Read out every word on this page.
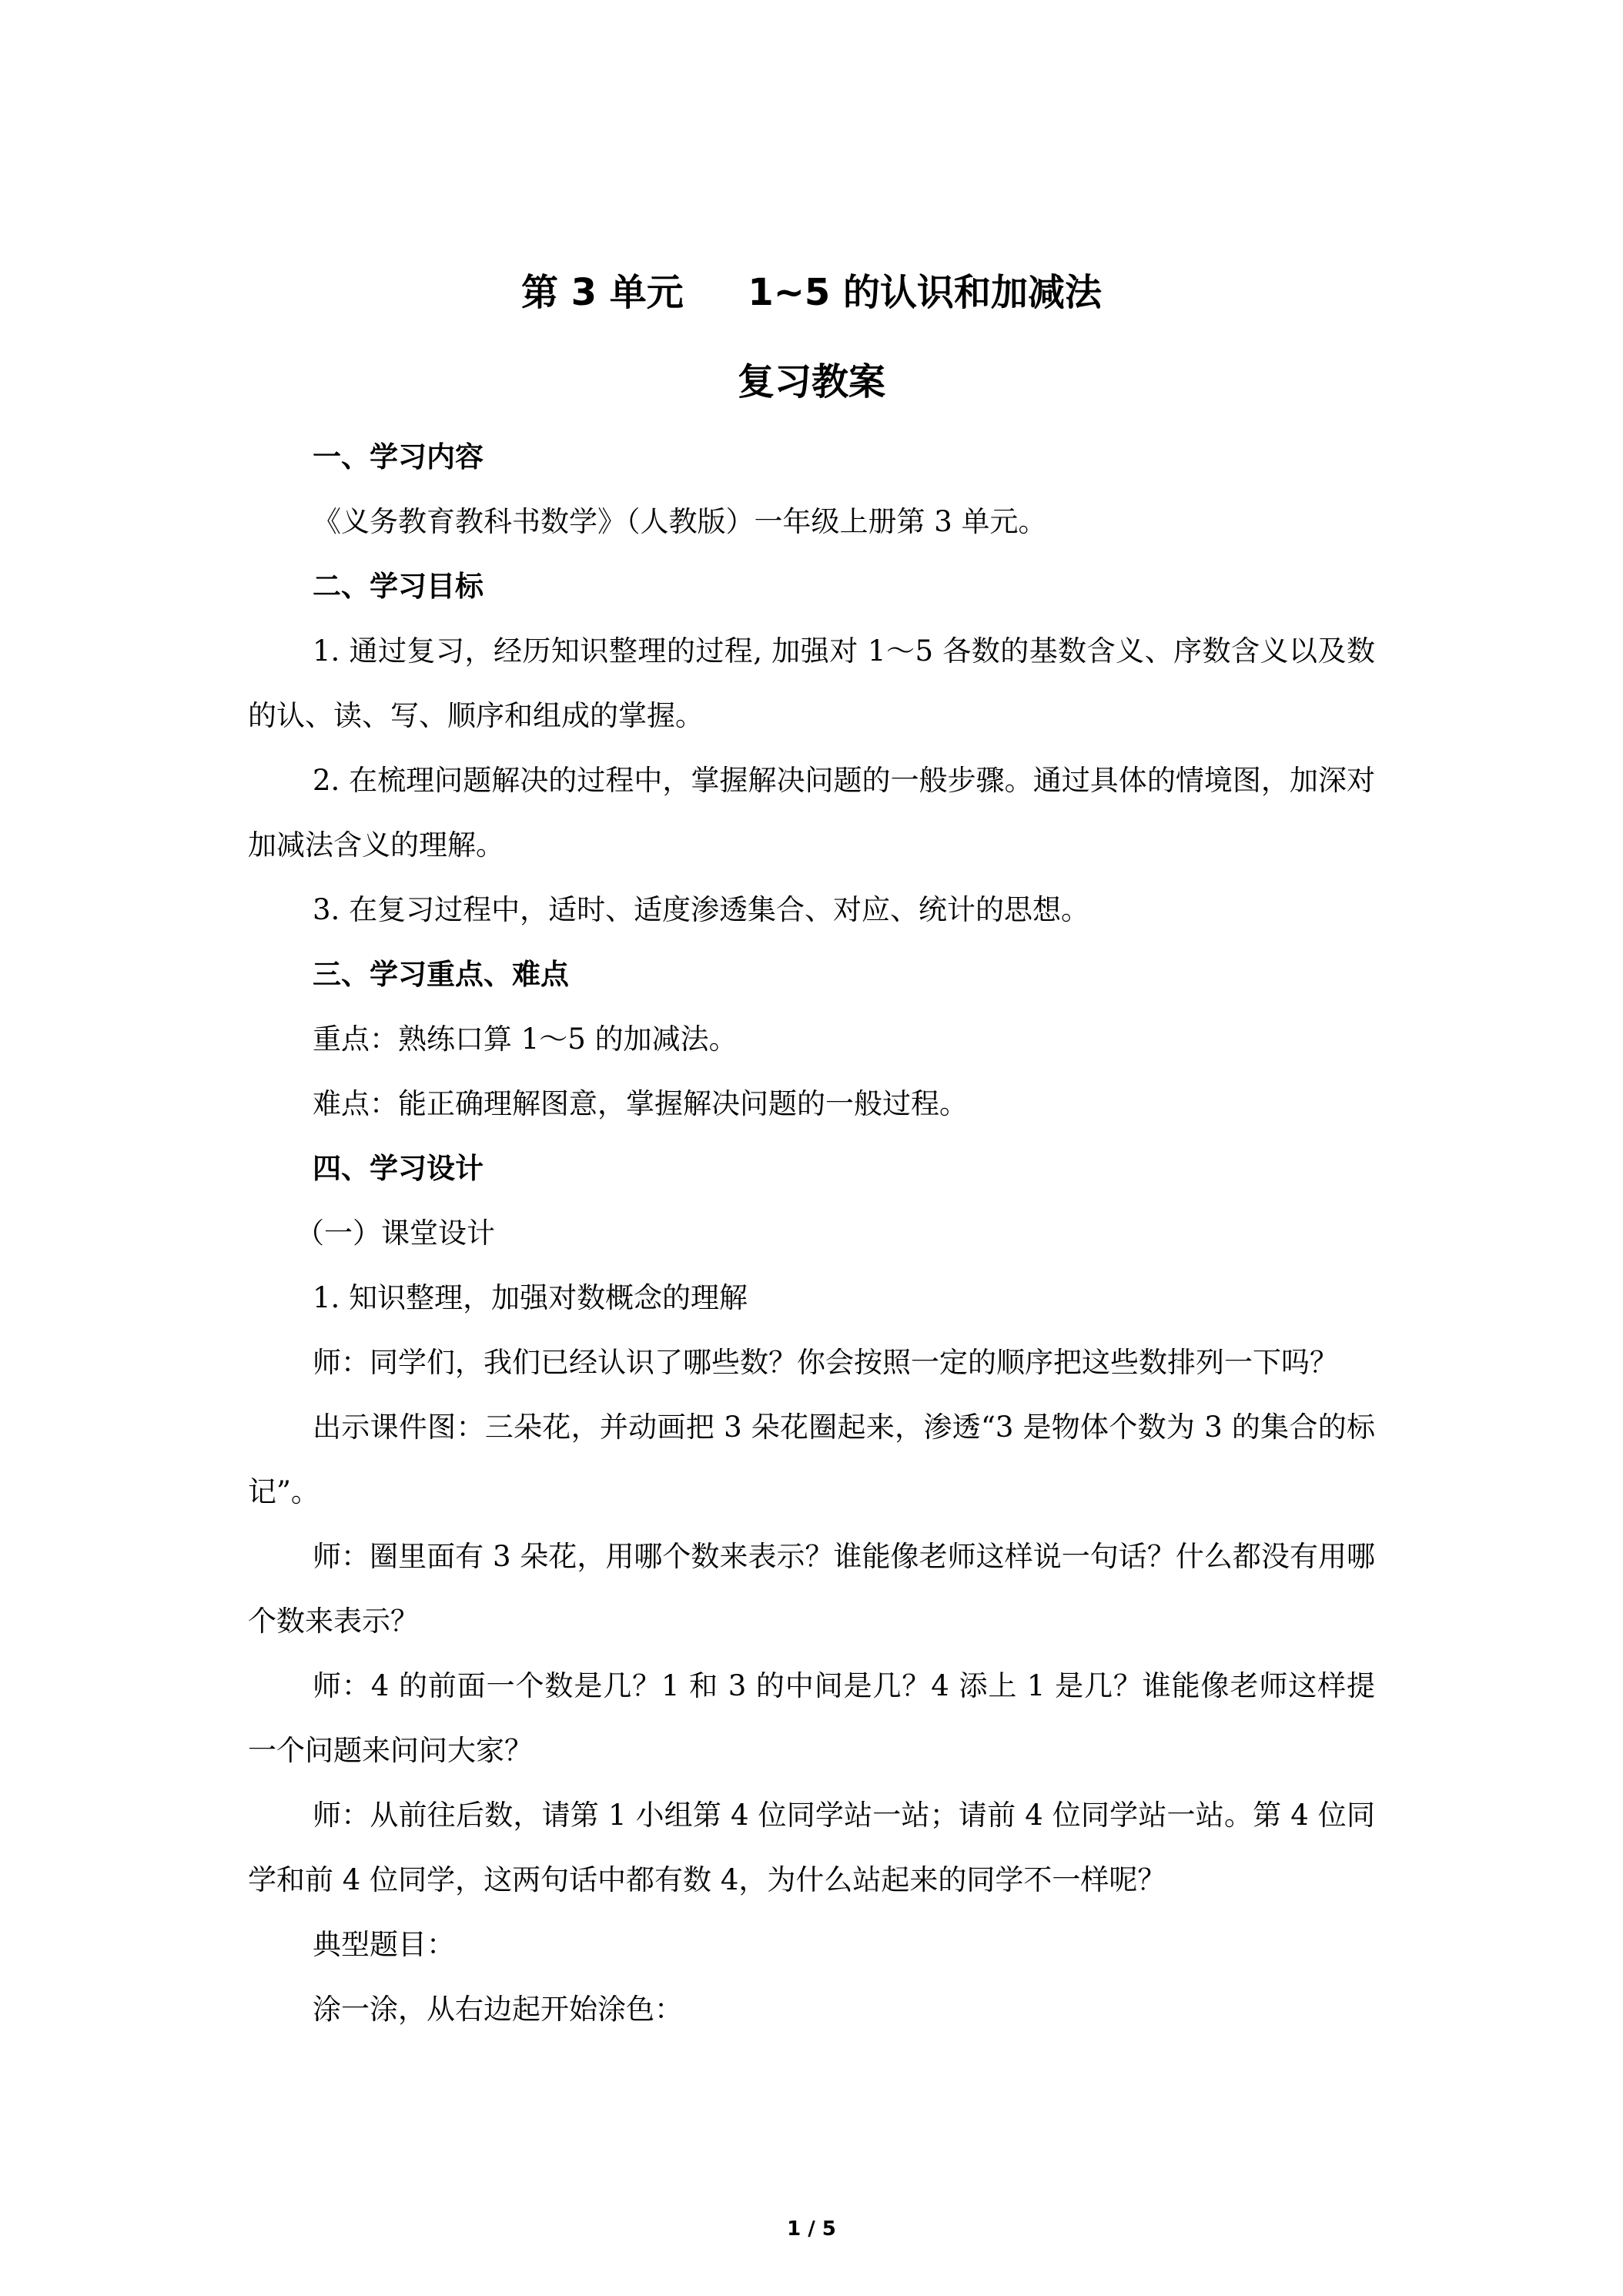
第 3 单元     1~5 的认识和加减法
复习教案
一、学习内容
《义务教育教科书数学》（人教版）一年级上册第 3 单元。
二、学习目标
1. 通过复习，经历知识整理的过程, 加强对 1～5 各数的基数含义、序数含义以及数的认、读、写、顺序和组成的掌握。
2. 在梳理问题解决的过程中，掌握解决问题的一般步骤。通过具体的情境图，加深对加减法含义的理解。
3. 在复习过程中，适时、适度渗透集合、对应、统计的思想。
三、学习重点、难点
重点：熟练口算 1～5 的加减法。
难点：能正确理解图意，掌握解决问题的一般过程。
四、学习设计
（一）课堂设计
1. 知识整理，加强对数概念的理解
师：同学们，我们已经认识了哪些数？你会按照一定的顺序把这些数排列一下吗？
出示课件图：三朵花，并动画把 3 朵花圈起来，渗透“3 是物体个数为 3 的集合的标记”。
师：圈里面有 3 朵花，用哪个数来表示？谁能像老师这样说一句话？什么都没有用哪个数来表示？
师：4 的前面一个数是几？1 和 3 的中间是几？4 添上 1 是几？谁能像老师这样提一个问题来问问大家？
师：从前往后数，请第 1 小组第 4 位同学站一站；请前 4 位同学站一站。第 4 位同学和前 4 位同学，这两句话中都有数 4，为什么站起来的同学不一样呢？
典型题目：
涂一涂，从右边起开始涂色：
1 / 5
